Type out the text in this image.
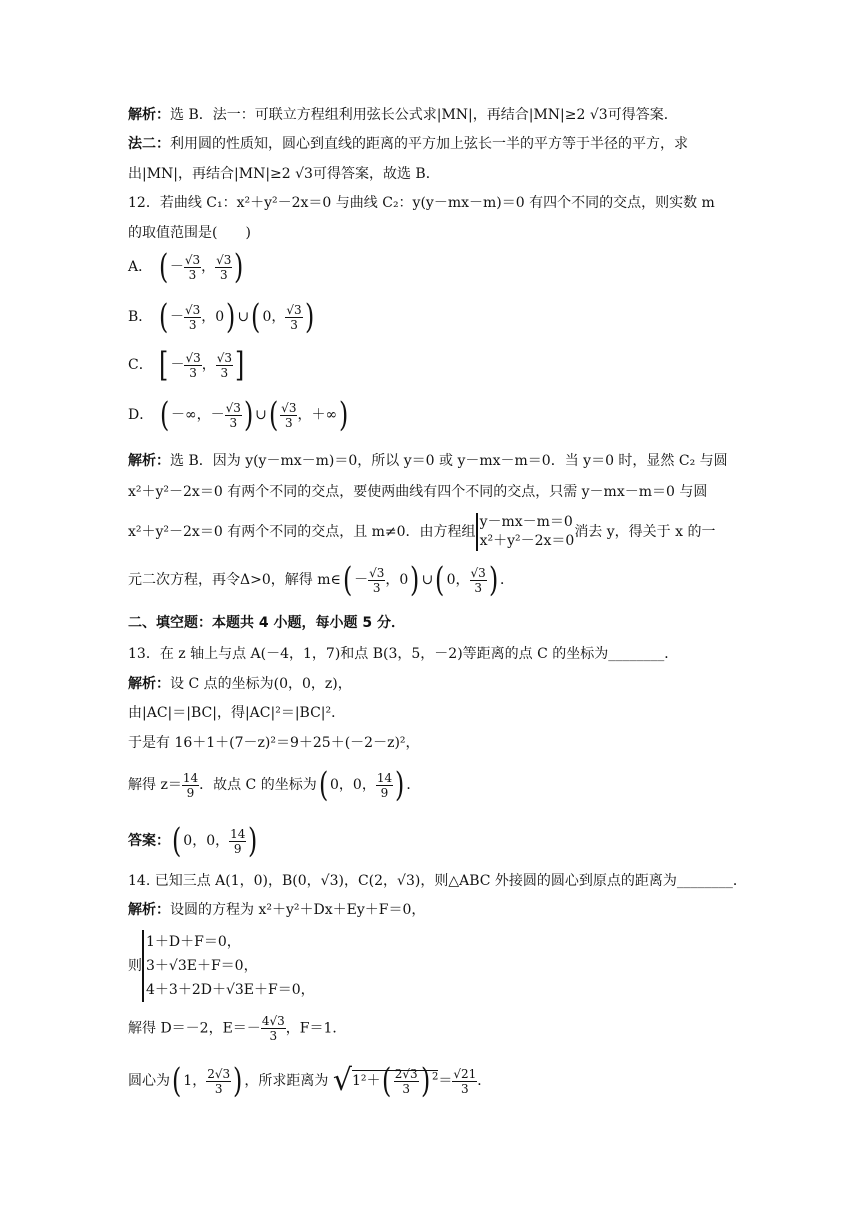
解析：选 B．法一：可联立方程组利用弦长公式求|MN|，再结合|MN|≥2 √3可得答案．
法二：利用圆的性质知，圆心到直线的距离的平方加上弦长一半的平方等于半径的平方，求
出|MN|，再结合|MN|≥2 √3可得答案，故选 B．
12．若曲线 C₁：x²＋y²－2x＝0 与曲线 C₂：y(y－mx－m)＝0 有四个不同的交点，则实数 m
的取值范围是(　　)
A． ( － $\frac{√3}{3}$ ， $\frac{√3}{3}$ )
B． ( － $\frac{√3}{3}$ ，0) ∪( 0， $\frac{√3}{3}$ )
C． [ － $\frac{√3}{3}$ ， $\frac{√3}{3}$ ]
D． ( －∞，－ $\frac{√3}{3}$ ) ∪( $\frac{√3}{3}$ ，＋∞)
解析：选 B．因为 y(y－mx－m)＝0，所以 y＝0 或 y－mx－m＝0．当 y＝0 时，显然 C₂ 与圆
x²＋y²－2x＝0 有两个不同的交点，要使两曲线有四个不同的交点，只需 y－mx－m＝0 与圆
x²＋y²－2x＝0 有两个不同的交点，且 m≠0．由方程组
y－mx－m＝0
x²＋y²－2x＝0
消去 y，得关于 x 的一
元二次方程，再令Δ>0，解得 m∈( － $\frac{√3}{3}$ ，0) ∪( 0， $\frac{√3}{3}$ ) ．
二、填空题：本题共 4 小题，每小题 5 分．
13．在 z 轴上与点 A(－4，1，7)和点 B(3，5，－2)等距离的点 C 的坐标为________．
解析：设 C 点的坐标为(0，0，z)，
由|AC|＝|BC|，得|AC|²＝|BC|²．
于是有 16＋1＋(7－z)²＝9＋25＋(－2－z)²，
解得 $z= \frac{14}{9}$ ．故点 C 的坐标为( 0，0， $\frac{14}{9}$ ) ．
答案：( 0，0， $\frac{14}{9}$ )
14. 已知三点 A(1，0)，B(0，√3)，C(2，√3)，则△ABC 外接圆的圆心到原点的距离为________．
解析：设圆的方程为 x²＋y²＋Dx＋Ey＋F＝0，
则
1＋D＋F＝0，
3＋√3E＋F＝0，
4＋3＋2D＋√3E＋F＝0，
解得 D＝－2，$E=- \frac{4√3}{3}$ ，F＝1．
圆心为( 1， $\frac{2√3}{3}$ ) ，所求距离为 $√1^2+( \frac{2√3}{3}$ ) $^2= \frac{√21}{3}$ ．
